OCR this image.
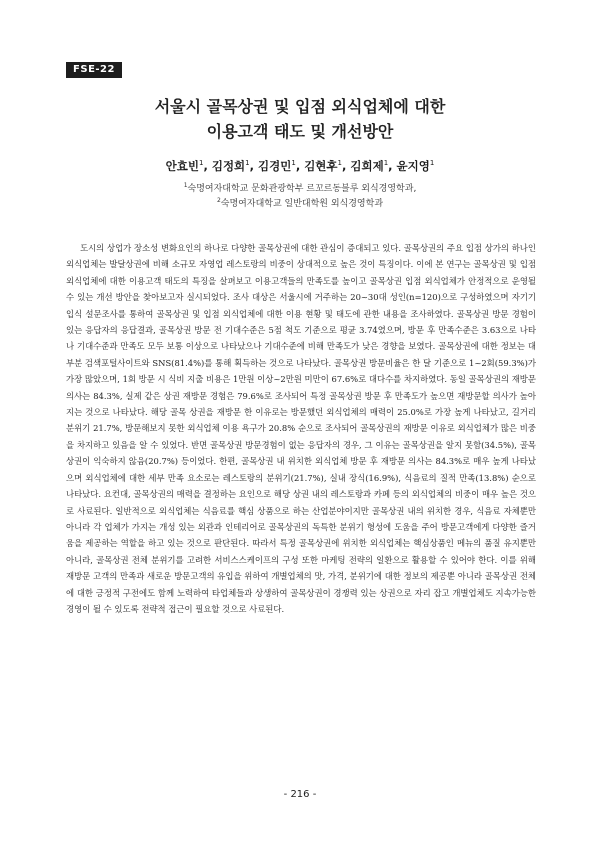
FSE-22
서울시 골목상권 및 입점 외식업체에 대한
이용고객 태도 및 개선방안
안효빈$^1$, 김정희$^1$, 김경민$^1$, 김현후$^1$, 김희제$^1$, 윤지영$^1$
$^1$숙명여자대학교 문화관광학부 르꼬르동블루 외식경영학과,
$^2$숙명여자대학교 일반대학원 외식경영학과
도시의 상업가 장소성 변화요인의 하나로 다양한 골목상권에 대한 관심이 증대되고 있다. 골목상권의 주요 입점 상가의 하나인 외식업체는 발달상권에 비해 소규모 자영업 레스토랑의 비중이 상대적으로 높은 것이 특징이다. 이에 본 연구는 골목상권 및 입점 외식업체에 대한 이용고객 태도의 특징을 살펴보고 이용고객들의 만족도를 높이고 골목상권 입점 외식업체가 안정적으로 운영될 수 있는 개선 방안을 찾아보고자 실시되었다. 조사 대상은 서울시에 거주하는 20~30대 성인(n=120)으로 구성하였으며 자기기입식 설문조사를 통하여 골목상권 및 입점 외식업체에 대한 이용 현황 및 태도에 관한 내용을 조사하였다. 골목상권 방문 경험이 있는 응답자의 응답결과, 골목상권 방문 전 기대수준은 5점 척도 기준으로 평균 3.74였으며, 방문 후 만족수준은 3.63으로 나타나 기대수준과 만족도 모두 보통 이상으로 나타났으나 기대수준에 비해 만족도가 낮은 경향을 보였다. 골목상권에 대한 정보는 대부분 검색포털사이트와 SNS(81.4%)를 통해 획득하는 것으로 나타났다. 골목상권 방문비율은 한 달 기준으로 1~2회(59.3%)가 가장 많았으며, 1회 방문 시 식비 지출 비용은 1만원 이상~2만원 미만이 67.6%로 대다수를 차지하였다. 동일 골목상권의 재방문 의사는 84.3%, 실제 같은 상권 재방문 경험은 79.6%로 조사되어 특정 골목상권 방문 후 만족도가 높으면 재방문할 의사가 높아지는 것으로 나타났다. 해당 골목 상권을 재방문 한 이유로는 방문했던 외식업체의 매력이 25.0%로 가장 높게 나타났고, 길거리 분위기 21.7%, 방문해보지 못한 외식업체 이용 욕구가 20.8% 순으로 조사되어 골목상권의 재방문 이유로 외식업체가 많은 비중을 차지하고 있음을 알 수 있었다. 반면 골목상권 방문경험이 없는 응답자의 경우, 그 이유는 골목상권을 알지 못함(34.5%), 골목상권이 익숙하지 않음(20.7%) 등이었다. 한편, 골목상권 내 위치한 외식업체 방문 후 재방문 의사는 84.3%로 매우 높게 나타났으며 외식업체에 대한 세부 만족 요소로는 레스토랑의 분위기(21.7%), 실내 장식(16.9%), 식음료의 질적 만족(13.8%) 순으로 나타났다. 요컨대, 골목상권의 매력을 결정하는 요인으로 해당 상권 내의 레스토랑과 카페 등의 외식업체의 비중이 매우 높은 것으로 사료된다. 일반적으로 외식업체는 식음료를 핵심 상품으로 하는 산업분야이지만 골목상권 내의 위치한 경우, 식음료 자체뿐만 아니라 각 업체가 가지는 개성 있는 외관과 인테리어로 골목상권의 독특한 분위기 형성에 도움을 주어 방문고객에게 다양한 즐거움을 제공하는 역할을 하고 있는 것으로 판단된다. 따라서 특정 골목상권에 위치한 외식업체는 핵심상품인 메뉴의 품질 유지뿐만 아니라, 골목상권 전체 분위기를 고려한 서비스스케이프의 구성 또한 마케팅 전략의 일환으로 활용할 수 있어야 한다. 이를 위해 재방문 고객의 만족과 새로운 방문고객의 유입을 위하여 개별업체의 맛, 가격, 분위기에 대한 정보의 제공뿐 아니라 골목상권 전체에 대한 긍정적 구전에도 함께 노력하여 타업체들과 상생하여 골목상권이 경쟁력 있는 상권으로 자리 잡고 개별업체도 지속가능한 경영이 될 수 있도록 전략적 접근이 필요할 것으로 사료된다.
- 216 -
